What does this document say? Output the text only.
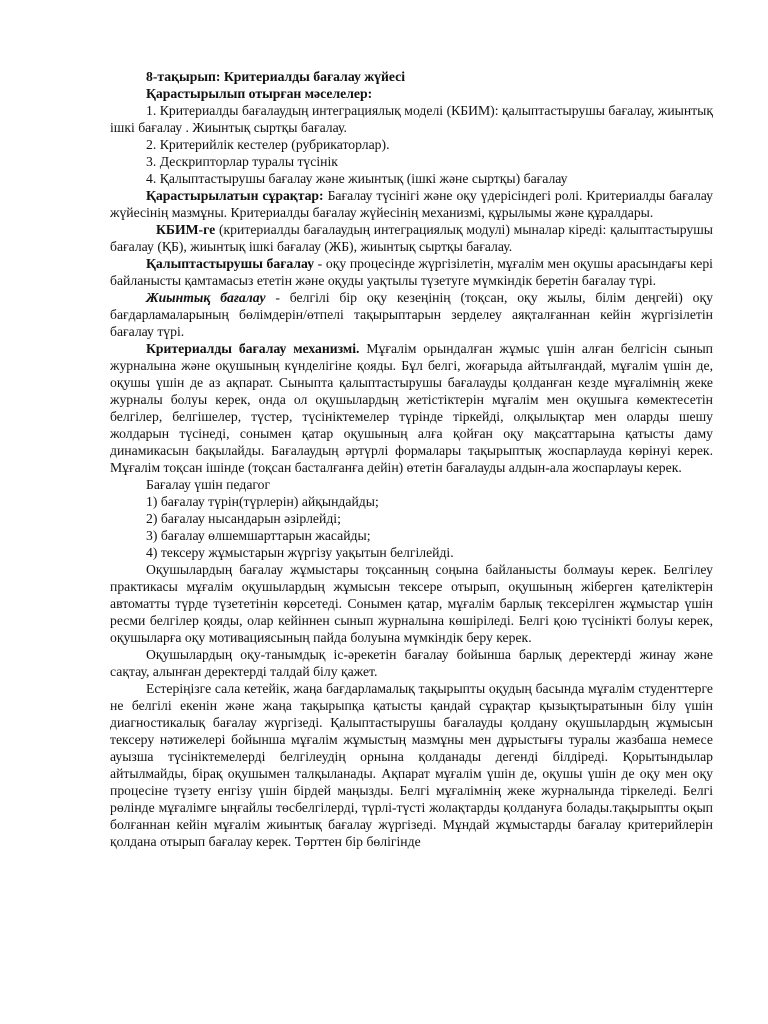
8-тақырып: Критериалды бағалау жүйесі

Қарастырылып отырған мәселелер:

1. Критериалды бағалаудың интеграциялық моделі (КБИМ): қалыптастырушы бағалау, жиынтық ішкі бағалау . Жиынтық сыртқы бағалау.

2. Критерийлік кестелер (рубрикаторлар).

3. Дескрипторлар туралы түсінік

4. Қалыптастырушы бағалау және жиынтық (ішкі және сыртқы) бағалау

Қарастырылатын сұрақтар: Бағалау түсінігі және оқу үдерісіндегі ролі. Критериалды бағалау жүйесінің мазмұны. Критериалды бағалау жүйесінің механизмі, құрылымы және құралдары.

КБИМ-ге (критериалды бағалаудың интеграциялық модулі) мыналар кіреді: қалыптастырушы бағалау (ҚБ), жиынтық ішкі бағалау (ЖБ), жиынтық сыртқы бағалау.

Қалыптастырушы бағалау - оқу процесінде жүргізілетін, мұғалім мен оқушы арасындағы кері байланысты қамтамасыз ететін және оқуды уақтылы түзетуге мүмкіндік беретін бағалау түрі.

Жиынтық бағалау - белгілі бір оқу кезеңінің (тоқсан, оқу жылы, білім деңгейі) оқу бағдарламаларының бөлімдерін/өтпелі тақырыптарын зерделеу аяқталғаннан кейін жүргізілетін бағалау түрі.

Критериалды бағалау механизмі. Мұғалім орындалған жұмыс үшін алған белгісін сынып журналына және оқушының күнделігіне қояды. Бұл белгі, жоғарыда айтылғандай, мұғалім үшін де, оқушы үшін де аз ақпарат. Сыныпта қалыптастырушы бағалауды қолданған кезде мұғалімнің жеке журналы болуы керек, онда ол оқушылардың жетістіктерін мұғалім мен оқушыға көмектесетін белгілер, белгішелер, түстер, түсініктемелер түрінде тіркейді, олқылықтар мен оларды шешу жолдарын түсінеді, сонымен қатар оқушының алға қойған оқу мақсаттарына қатысты даму динамикасын бақылайды. Бағалаудың әртүрлі формалары тақырыптық жоспарлауда көрінуі керек. Мұғалім тоқсан ішінде (тоқсан басталғанға дейін) өтетін бағалауды алдын-ала жоспарлауы керек.

Бағалау үшін педагог

1) бағалау түрін(түрлерін) айқындайды;

2) бағалау нысандарын әзірлейді;

3) бағалау өлшемшарттарын жасайды;

4) тексеру жұмыстарын жүргізу уақытын белгілейді.

Оқушылардың бағалау жұмыстары тоқсанның соңына байланысты болмауы керек. Белгілеу практикасы мұғалім оқушылардың жұмысын тексере отырып, оқушының жіберген қателіктерін автоматты түрде түзететінін көрсетеді. Сонымен қатар, мұғалім барлық тексерілген жұмыстар үшін ресми белгілер қояды, олар кейіннен сынып журналына көшіріледі. Белгі қою түсінікті болуы керек, оқушыларға оқу мотивациясының пайда болуына мүмкіндік беру керек.

Оқушылардың оқу-танымдық іс-әрекетін бағалау бойынша барлық деректерді жинау және сақтау, алынған деректерді талдай білу қажет.

Естеріңізге сала кетейік, жаңа бағдарламалық тақырыпты оқудың басында мұғалім студенттерге не белгілі екенін және жаңа тақырыпқа қатысты қандай сұрақтар қызықтыратынын білу үшін диагностикалық бағалау жүргізеді. Қалыптастырушы бағалауды қолдану оқушылардың жұмысын тексеру нәтижелері бойынша мұғалім жұмыстың мазмұны мен дұрыстығы туралы жазбаша немесе ауызша түсініктемелерді белгілеудің орнына қолданады дегенді білдіреді. Қорытындылар айтылмайды, бірақ оқушымен талқыланады. Ақпарат мұғалім үшін де, оқушы үшін де оқу мен оқу процесіне түзету енгізу үшін бірдей маңызды. Белгі мұғалімнің жеке журналында тіркеледі. Белгі рөлінде мұғалімге ыңғайлы төсбелгілерді, түрлі-түсті жолақтарды қолдануға болады.тақырыпты оқып болғаннан кейін мұғалім жиынтық бағалау жүргізеді. Мұндай жұмыстарды бағалау критерийлерін қолдана отырып бағалау керек. Төрттен бір бөлігінде
